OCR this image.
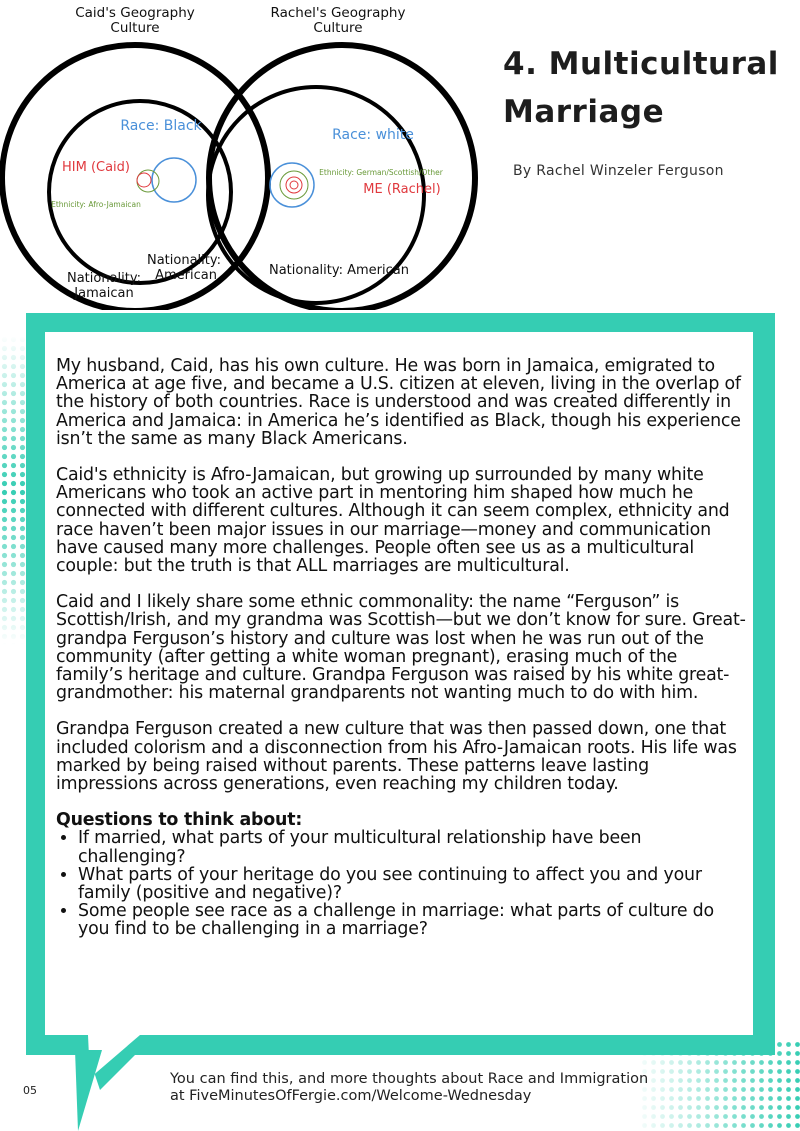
Caid's Geography
Culture
Rachel's Geography
Culture
Race: Black
Race: white
HIM (Caid)
ME (Rachel)
Ethnicity: Afro-Jamaican
Ethnicity: German/Scottish/Other
Nationality:
American
Nationality:
Jamaican
Nationality: American
4. Multicultural
Marriage
By Rachel Winzeler Ferguson

My husband, Caid, has his own culture. He was born in Jamaica, emigrated to America at age five, and became a U.S. citizen at eleven, living in the overlap of the history of both countries. Race is understood and was created differently in America and Jamaica: in America he’s identified as Black, though his experience isn’t the same as many Black Americans.

Caid's ethnicity is Afro-Jamaican, but growing up surrounded by many white Americans who took an active part in mentoring him shaped how much he connected with different cultures. Although it can seem complex, ethnicity and race haven’t been major issues in our marriage—money and communication have caused many more challenges. People often see us as a multicultural couple: but the truth is that ALL marriages are multicultural.

Caid and I likely share some ethnic commonality: the name “Ferguson” is Scottish/Irish, and my grandma was Scottish—but we don’t know for sure. Great-grandpa Ferguson’s history and culture was lost when he was run out of the community (after getting a white woman pregnant), erasing much of the family’s heritage and culture. Grandpa Ferguson was raised by his white great-grandmother: his maternal grandparents not wanting much to do with him.

Grandpa Ferguson created a new culture that was then passed down, one that included colorism and a disconnection from his Afro-Jamaican roots. His life was marked by being raised without parents. These patterns leave lasting impressions across generations, even reaching my children today.

Questions to think about:
• If married, what parts of your multicultural relationship have been challenging?
• What parts of your heritage do you see continuing to affect you and your family (positive and negative)?
• Some people see race as a challenge in marriage: what parts of culture do you find to be challenging in a marriage?
You can find this, and more thoughts about Race and Immigration
at FiveMinutesOfFergie.com/Welcome-Wednesday
05
